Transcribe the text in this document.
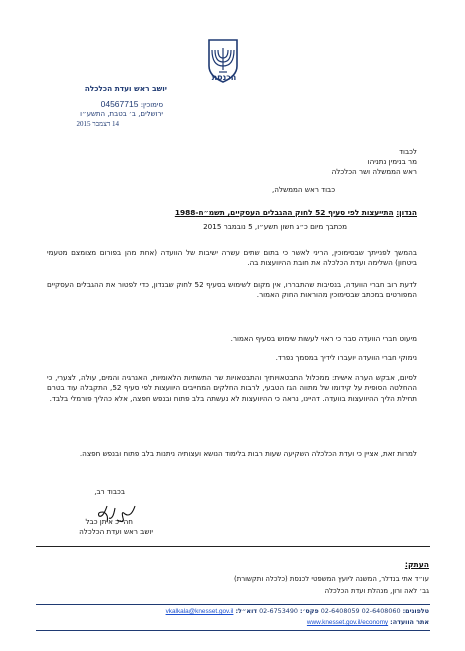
הכנסת
יושב ראש ועדת הכלכלה
סימוכין: 04567715
ירושלים, ב׳ בטבת, התשע״ו
14 דצמבר 2015
לכבוד
מר בנימין נתניהו
ראש הממשלה ושר הכלכלה
כבוד ראש הממשלה,
הנדון: התייעצות לפי סעיף 52 לחוק ההגבלים העסקיים, תשמ״ח-1988
מכתבך מיום כ״ג חשון תשע״ו, 5 נובמבר 2015
בהמשך לפנייתך שבסימוכין, הריני לאשר כי בתום שתים עשרה ישיבות של הוועדה (אחת מהן בפורום מצומצם מטעמי ביטחון) השלימה ועדת הכלכלה את חובת ההיוועצות בה.
לדעת רוב חברי הוועדה, בנסיבות שהתבררו, אין מקום לשימוש בסעיף 52 לחוק שבנדון, כדי לפטור את ההגבלים העסקיים המפורטים במכתב שבסימוכין מהוראות החוק האמור.
מיעוט חברי הוועדה סבר כי ראוי לעשות שימוש בסעיף האמור.
נימוקי חברי הוועדה יועברו לידיך במסמך נפרד.
לסיום, אבקש הערה אישית: ממכלול התבטאויותיך והתבטאויות שר התשתיות הלאומיות, האנרגיה והמים, עולה, לצערי, כי ההחלטה הסופית על קידומו של מתווה הגז הטבעי, לרבות החלקים המחייבים היוועצות לפי סעיף 52, התקבלה עוד בטרם תחילת הליך ההיוועצות בוועדה. דהיינו, נראה כי ההיוועצות לא נעשתה בלב פתוח ובנפש חפצה, אלא כהליך פורמלי בלבד.
למרות זאת, אציין כי ועדת הכלכלה השקיעה שעות רבות בלימוד הנושא ועצותיה ניתנות בלב פתוח ובנפש חפצה.
בכבוד רב,
חה״כ איתן כבל
יושב ראש ועדת הכלכלה
העתק:
עו״ד אתי בנדלר, המשנה ליועץ המשפטי לכנסת (כלכלה ותקשורת)
גב׳ לאה ורון, מנהלת ועדת הכלכלה
טלפונים: 02-6408059 02-6408060 פקס׳: 02-6753490 דוא״ל: vkalkala@knesset.gov.il
אתר הוועדה: www.knesset.gov.il/economy
